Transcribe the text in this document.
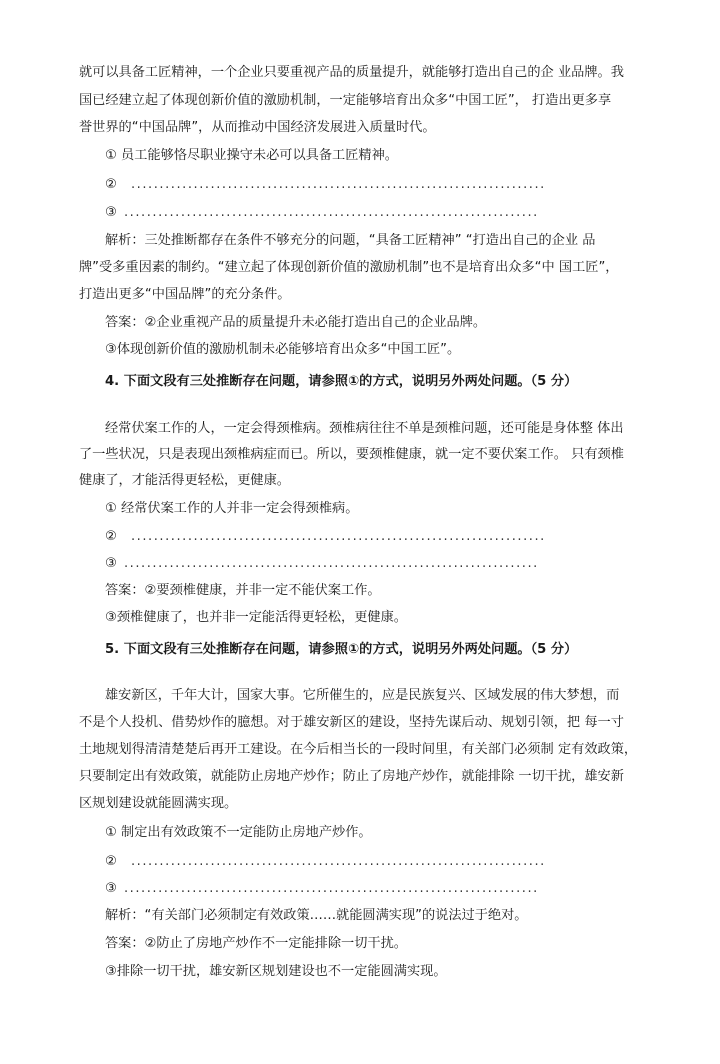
就可以具备工匠精神，一个企业只要重视产品的质量提升，就能够打造出自己的企 业品牌。我
国已经建立起了体现创新价值的激励机制，一定能够培育出众多“中国工匠”， 打造出更多享
誉世界的“中国品牌”，从而推动中国经济发展进入质量时代。
① 员工能够恪尽职业操守未必可以具备工匠精神。
② .........................................................................
③ .........................................................................
解析：三处推断都存在条件不够充分的问题，“具备工匠精神” “打造出自己的企业 品
牌”受多重因素的制约。“建立起了体现创新价值的激励机制”也不是培育出众多“中 国工匠”，
打造出更多“中国品牌”的充分条件。
答案：②企业重视产品的质量提升未必能打造出自己的企业品牌。
③体现创新价值的激励机制未必能够培育出众多“中国工匠”。
4. 下面文段有三处推断存在问题，请参照①的方式，说明另外两处问题。（5 分）
经常伏案工作的人，一定会得颈椎病。颈椎病往往不单是颈椎问题，还可能是身体整 体出
了一些状况，只是表现出颈椎病症而已。所以，要颈椎健康，就一定不要伏案工作。 只有颈椎
健康了，才能活得更轻松，更健康。
① 经常伏案工作的人并非一定会得颈椎病。
② .........................................................................
③ .........................................................................
答案：②要颈椎健康，并非一定不能伏案工作。
③颈椎健康了，也并非一定能活得更轻松，更健康。
5. 下面文段有三处推断存在问题，请参照①的方式，说明另外两处问题。（5 分）
雄安新区，千年大计，国家大事。它所催生的，应是民族复兴、区域发展的伟大梦想，而
不是个人投机、借势炒作的臆想。对于雄安新区的建设，坚持先谋后动、规划引领，把 每一寸
土地规划得清清楚楚后再开工建设。在今后相当长的一段时间里，有关部门必须制 定有效政策，
只要制定出有效政策，就能防止房地产炒作；防止了房地产炒作，就能排除 一切干扰，雄安新
区规划建设就能圆满实现。
① 制定出有效政策不一定能防止房地产炒作。
② .........................................................................
③ .........................................................................
解析：“有关部门必须制定有效政策……就能圆满实现”的说法过于绝对。
答案：②防止了房地产炒作不一定能排除一切干扰。
③排除一切干扰，雄安新区规划建设也不一定能圆满实现。
